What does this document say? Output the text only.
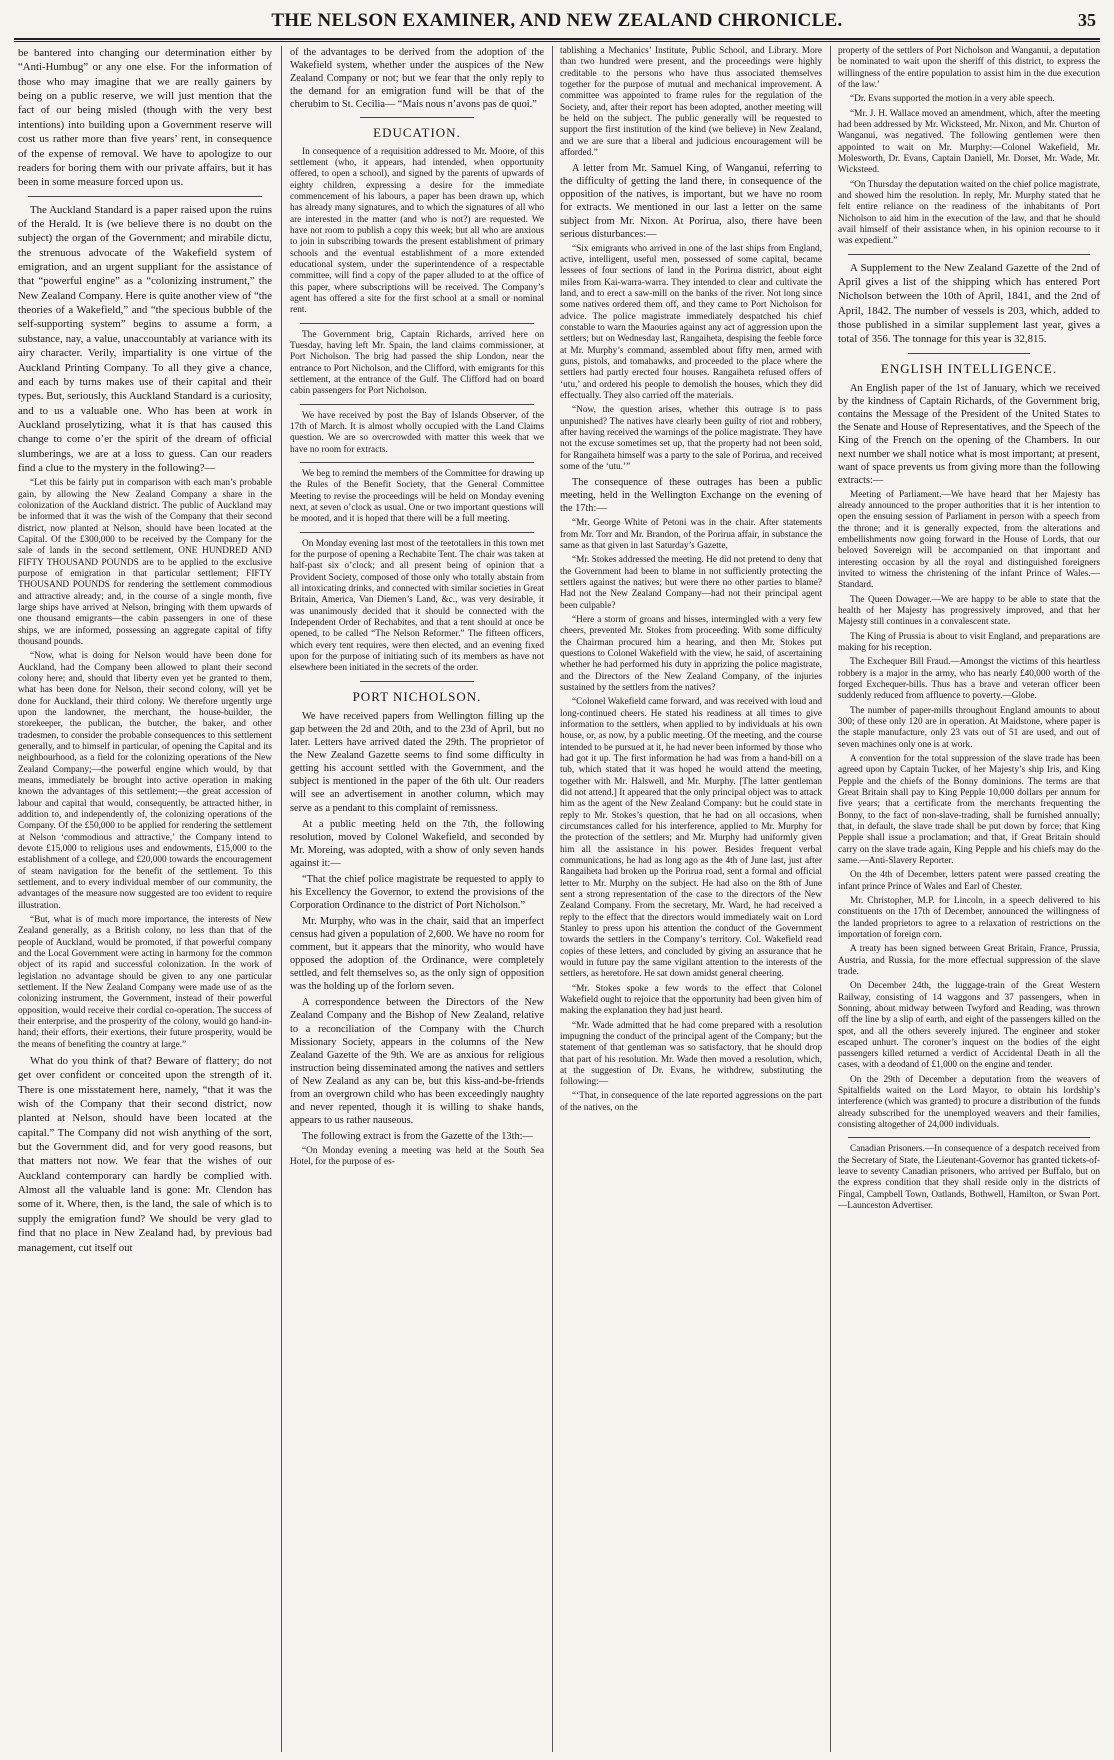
THE NELSON EXAMINER, AND NEW ZEALAND CHRONICLE.	35

be bantered into changing our determination either by “Anti-Humbug” or any one else. For the information of those who may imagine that we are really gainers by being on a public reserve, we will just mention that the fact of our being misled (though with the very best intentions) into building upon a Government reserve will cost us rather more than five years’ rent, in consequence of the expense of removal. We have to apologize to our readers for boring them with our private affairs, but it has been in some measure forced upon us.

The Auckland Standard is a paper raised upon the ruins of the Herald. It is (we believe there is no doubt on the subject) the organ of the Government; and mirabile dictu, the strenuous advocate of the Wakefield system of emigration, and an urgent suppliant for the assistance of that “powerful engine” as a “colonizing instrument,” the New Zealand Company. Here is quite another view of “the theories of a Wakefield,” and “the specious bubble of the self-supporting system” begins to assume a form, a substance, nay, a value, unaccountably at variance with its airy character. Verily, impartiality is one virtue of the Auckland Printing Company. To all they give a chance, and each by turns makes use of their capital and their types. But, seriously, this Auckland Standard is a curiosity, and to us a valuable one. Who has been at work in Auckland proselytizing, what it is that has caused this change to come o’er the spirit of the dream of official slumberings, we are at a loss to guess. Can our readers find a clue to the mystery in the following?—

“Let this be fairly put in comparison with each man’s probable gain, by allowing the New Zealand Company a share in the colonization of the Auckland district. The public of Auckland may be informed that it was the wish of the Company that their second district, now planted at Nelson, should have been located at the Capital. Of the £300,000 to be received by the Company for the sale of lands in the second settlement, ONE HUNDRED AND FIFTY THOUSAND POUNDS are to be applied to the exclusive purpose of emigration in that particular settlement; FIFTY THOUSAND POUNDS for rendering the settlement commodious and attractive already; and, in the course of a single month, five large ships have arrived at Nelson, bringing with them upwards of one thousand emigrants—the cabin passengers in one of these ships, we are informed, possessing an aggregate capital of fifty thousand pounds.

“Now, what is doing for Nelson would have been done for Auckland, had the Company been allowed to plant their second colony here; and, should that liberty even yet be granted to them, what has been done for Nelson, their second colony, will yet be done for Auckland, their third colony. We therefore urgently urge upon the landowner, the merchant, the house-builder, the storekeeper, the publican, the butcher, the baker, and other tradesmen, to consider the probable consequences to this settlement generally, and to himself in particular, of opening the Capital and its neighbourhood, as a field for the colonizing operations of the New Zealand Company;—the powerful engine which would, by that means, immediately be brought into active operation in making known the advantages of this settlement;—the great accession of labour and capital that would, consequently, be attracted hither, in addition to, and independently of, the colonizing operations of the Company. Of the £50,000 to be applied for rendering the settlement at Nelson ‘commodious and attractive,’ the Company intend to devote £15,000 to religious uses and endowments, £15,000 to the establishment of a college, and £20,000 towards the encouragement of steam navigation for the benefit of the settlement. To this settlement, and to every individual member of our community, the advantages of the measure now suggested are too evident to require illustration.

“But, what is of much more importance, the interests of New Zealand generally, as a British colony, no less than that of the people of Auckland, would be promoted, if that powerful company and the Local Government were acting in harmony for the common object of its rapid and successful colonization. In the work of legislation no advantage should be given to any one particular settlement. If the New Zealand Company were made use of as the colonizing instrument, the Government, instead of their powerful opposition, would receive their cordial co-operation. The success of their enterprise, and the prosperity of the colony, would go hand-in-hand; their efforts, their exertions, their future prosperity, would be the means of benefiting the country at large.”

What do you think of that? Beware of flattery; do not get over confident or conceited upon the strength of it. There is one misstatement here, namely, “that it was the wish of the Company that their second district, now planted at Nelson, should have been located at the capital.” The Company did not wish anything of the sort, but the Government did, and for very good reasons, but that matters not now. We fear that the wishes of our Auckland contemporary can hardly be complied with. Almost all the valuable land is gone: Mr. Clendon has some of it. Where, then, is the land, the sale of which is to supply the emigration fund? We should be very glad to find that no place in New Zealand had, by previous bad management, cut itself out

of the advantages to be derived from the adoption of the Wakefield system, whether under the auspices of the New Zealand Company or not; but we fear that the only reply to the demand for an emigration fund will be that of the cherubim to St. Cecilia— “Mais nous n’avons pas de quoi.”

EDUCATION.

In consequence of a requisition addressed to Mr. Moore, of this settlement (who, it appears, had intended, when opportunity offered, to open a school), and signed by the parents of upwards of eighty children, expressing a desire for the immediate commencement of his labours, a paper has been drawn up, which has already many signatures, and to which the signatures of all who are interested in the matter (and who is not?) are requested. We have not room to publish a copy this week; but all who are anxious to join in subscribing towards the present establishment of primary schools and the eventual establishment of a more extended educational system, under the superintendence of a respectable committee, will find a copy of the paper alluded to at the office of this paper, where subscriptions will be received. The Company’s agent has offered a site for the first school at a small or nominal rent.

The Government brig, Captain Richards, arrived here on Tuesday, having left Mr. Spain, the land claims commissioner, at Port Nicholson. The brig had passed the ship London, near the entrance to Port Nicholson, and the Clifford, with emigrants for this settlement, at the entrance of the Gulf. The Clifford had on board cabin passengers for Port Nicholson.

We have received by post the Bay of Islands Observer, of the 17th of March. It is almost wholly occupied with the Land Claims question. We are so overcrowded with matter this week that we have no room for extracts.

We beg to remind the members of the Committee for drawing up the Rules of the Benefit Society, that the General Committee Meeting to revise the proceedings will be held on Monday evening next, at seven o’clock as usual. One or two important questions will be mooted, and it is hoped that there will be a full meeting.

On Monday evening last most of the teetotallers in this town met for the purpose of opening a Rechabite Tent. The chair was taken at half-past six o’clock; and all present being of opinion that a Provident Society, composed of those only who totally abstain from all intoxicating drinks, and connected with similar societies in Great Britain, America, Van Diemen’s Land, &c., was very desirable, it was unanimously decided that it should be connected with the Independent Order of Rechabites, and that a tent should at once be opened, to be called “The Nelson Reformer.” The fifteen officers, which every tent requires, were then elected, and an evening fixed upon for the purpose of initiating such of its members as have not elsewhere been initiated in the secrets of the order.

PORT NICHOLSON.

We have received papers from Wellington filling up the gap between the 2d and 20th, and to the 23d of April, but no later. Letters have arrived dated the 29th. The proprietor of the New Zealand Gazette seems to find some difficulty in getting his account settled with the Government, and the subject is mentioned in the paper of the 6th ult. Our readers will see an advertisement in another column, which may serve as a pendant to this complaint of remissness.

At a public meeting held on the 7th, the following resolution, moved by Colonel Wakefield, and seconded by Mr. Moreing, was adopted, with a show of only seven hands against it:—

“That the chief police magistrate be requested to apply to his Excellency the Governor, to extend the provisions of the Corporation Ordinance to the district of Port Nicholson.”

Mr. Murphy, who was in the chair, said that an imperfect census had given a population of 2,600. We have no room for comment, but it appears that the minority, who would have opposed the adoption of the Ordinance, were completely settled, and felt themselves so, as the only sign of opposition was the holding up of the forlorn seven.

A correspondence between the Directors of the New Zealand Company and the Bishop of New Zealand, relative to a reconciliation of the Company with the Church Missionary Society, appears in the columns of the New Zealand Gazette of the 9th. We are as anxious for religious instruction being disseminated among the natives and settlers of New Zealand as any can be, but this kiss-and-be-friends from an overgrown child who has been exceedingly naughty and never repented, though it is willing to shake hands, appears to us rather nauseous.

The following extract is from the Gazette of the 13th:—

“On Monday evening a meeting was held at the South Sea Hotel, for the purpose of es-

tablishing a Mechanics’ Institute, Public School, and Library. More than two hundred were present, and the proceedings were highly creditable to the persons who have thus associated themselves together for the purpose of mutual and mechanical improvement. A committee was appointed to frame rules for the regulation of the Society, and, after their report has been adopted, another meeting will be held on the subject. The public generally will be requested to support the first institution of the kind (we believe) in New Zealand, and we are sure that a liberal and judicious encouragement will be afforded.”

A letter from Mr. Samuel King, of Wanganui, referring to the difficulty of getting the land there, in consequence of the opposition of the natives, is important, but we have no room for extracts. We mentioned in our last a letter on the same subject from Mr. Nixon. At Porirua, also, there have been serious disturbances:—

“Six emigrants who arrived in one of the last ships from England, active, intelligent, useful men, possessed of some capital, became lessees of four sections of land in the Porirua district, about eight miles from Kai-warra-warra. They intended to clear and cultivate the land, and to erect a saw-mill on the banks of the river. Not long since some natives ordered them off, and they came to Port Nicholson for advice. The police magistrate immediately despatched his chief constable to warn the Maouries against any act of aggression upon the settlers; but on Wednesday last, Rangaiheta, despising the feeble force at Mr. Murphy’s command, assembled about fifty men, armed with guns, pistols, and tomahawks, and proceeded to the place where the settlers had partly erected four houses. Rangaiheta refused offers of ‘utu,’ and ordered his people to demolish the houses, which they did effectually. They also carried off the materials.

“Now, the question arises, whether this outrage is to pass unpunished? The natives have clearly been guilty of riot and robbery, after having received the warnings of the police magistrate. They have not the excuse sometimes set up, that the property had not been sold, for Rangaiheta himself was a party to the sale of Porirua, and received some of the ‘utu.’”

The consequence of these outrages has been a public meeting, held in the Wellington Exchange on the evening of the 17th:—

“Mr. George White of Petoni was in the chair. After statements from Mr. Torr and Mr. Brandon, of the Porirua affair, in substance the same as that given in last Saturday’s Gazette,

“Mr. Stokes addressed the meeting. He did not pretend to deny that the Government had been to blame in not sufficiently protecting the settlers against the natives; but were there no other parties to blame? Had not the New Zealand Company—had not their principal agent been culpable?

“Here a storm of groans and hisses, intermingled with a very few cheers, prevented Mr. Stokes from proceeding. With some difficulty the Chairman procured him a hearing, and then Mr. Stokes put questions to Colonel Wakefield with the view, he said, of ascertaining whether he had performed his duty in apprizing the police magistrate, and the Directors of the New Zealand Company, of the injuries sustained by the settlers from the natives?

“Colonel Wakefield came forward, and was received with loud and long-continued cheers. He stated his readiness at all times to give information to the settlers, when applied to by individuals at his own house, or, as now, by a public meeting. Of the meeting, and the course intended to be pursued at it, he had never been informed by those who had got it up. The first information he had was from a hand-bill on a tub, which stated that it was hoped he would attend the meeting, together with Mr. Halswell, and Mr. Murphy. [The latter gentleman did not attend.] It appeared that the only principal object was to attack him as the agent of the New Zealand Company: but he could state in reply to Mr. Stokes’s question, that he had on all occasions, when circumstances called for his interference, applied to Mr. Murphy for the protection of the settlers; and Mr. Murphy had uniformly given him all the assistance in his power. Besides frequent verbal communications, he had as long ago as the 4th of June last, just after Rangaiheta had broken up the Porirua road, sent a formal and official letter to Mr. Murphy on the subject. He had also on the 8th of June sent a strong representation of the case to the directors of the New Zealand Company. From the secretary, Mr. Ward, he had received a reply to the effect that the directors would immediately wait on Lord Stanley to press upon his attention the conduct of the Government towards the settlers in the Company’s territory. Col. Wakefield read copies of these letters, and concluded by giving an assurance that he would in future pay the same vigilant attention to the interests of the settlers, as heretofore. He sat down amidst general cheering.

“Mr. Stokes spoke a few words to the effect that Colonel Wakefield ought to rejoice that the opportunity had been given him of making the explanation they had just heard.

“Mr. Wade admitted that he had come prepared with a resolution impugning the conduct of the principal agent of the Company; but the statement of that gentleman was so satisfactory, that he should drop that part of his resolution. Mr. Wade then moved a resolution, which, at the suggestion of Dr. Evans, he withdrew, substituting the following:—

“‘That, in consequence of the late reported aggressions on the part of the natives, on the

property of the settlers of Port Nicholson and Wanganui, a deputation be nominated to wait upon the sheriff of this district, to express the willingness of the entire population to assist him in the due execution of the law.’

“Dr. Evans supported the motion in a very able speech.

“Mr. J. H. Wallace moved an amendment, which, after the meeting had been addressed by Mr. Wicksteed, Mr. Nixon, and Mr. Churton of Wanganui, was negatived. The following gentlemen were then appointed to wait on Mr. Murphy:—Colonel Wakefield, Mr. Molesworth, Dr. Evans, Captain Daniell, Mr. Dorset, Mr. Wade, Mr. Wicksteed.

“On Thursday the deputation waited on the chief police magistrate, and showed him the resolution. In reply, Mr. Murphy stated that he felt entire reliance on the readiness of the inhabitants of Port Nicholson to aid him in the execution of the law, and that he should avail himself of their assistance when, in his opinion recourse to it was expedient.”

A Supplement to the New Zealand Gazette of the 2nd of April gives a list of the shipping which has entered Port Nicholson between the 10th of April, 1841, and the 2nd of April, 1842. The number of vessels is 203, which, added to those published in a similar supplement last year, gives a total of 356. The tonnage for this year is 32,815.

ENGLISH INTELLIGENCE.

An English paper of the 1st of January, which we received by the kindness of Captain Richards, of the Government brig, contains the Message of the President of the United States to the Senate and House of Representatives, and the Speech of the King of the French on the opening of the Chambers. In our next number we shall notice what is most important; at present, want of space prevents us from giving more than the following extracts:—

Meeting of Parliament.—We have heard that her Majesty has already announced to the proper authorities that it is her intention to open the ensuing session of Parliament in person with a speech from the throne; and it is generally expected, from the alterations and embellishments now going forward in the House of Lords, that our beloved Sovereign will be accompanied on that important and interesting occasion by all the royal and distinguished foreigners invited to witness the christening of the infant Prince of Wales.—Standard.

The Queen Dowager.—We are happy to be able to state that the health of her Majesty has progressively improved, and that her Majesty still continues in a convalescent state.

The King of Prussia is about to visit England, and preparations are making for his reception.

The Exchequer Bill Fraud.—Amongst the victims of this heartless robbery is a major in the army, who has nearly £40,000 worth of the forged Exchequer-bills. Thus has a brave and veteran officer been suddenly reduced from affluence to poverty.—Globe.

The number of paper-mills throughout England amounts to about 300; of these only 120 are in operation. At Maidstone, where paper is the staple manufacture, only 23 vats out of 51 are used, and out of seven machines only one is at work.

A convention for the total suppression of the slave trade has been agreed upon by Captain Tucker, of her Majesty’s ship Iris, and King Pepple and the chiefs of the Bonny dominions. The terms are that Great Britain shall pay to King Pepple 10,000 dollars per annum for five years; that a certificate from the merchants frequenting the Bonny, to the fact of non-slave-trading, shall be furnished annually; that, in default, the slave trade shall be put down by force; that King Pepple shall issue a proclamation; and that, if Great Britain should carry on the slave trade again, King Pepple and his chiefs may do the same.—Anti-Slavery Reporter.

On the 4th of December, letters patent were passed creating the infant prince Prince of Wales and Earl of Chester.

Mr. Christopher, M.P. for Lincoln, in a speech delivered to his constituents on the 17th of December, announced the willingness of the landed proprietors to agree to a relaxation of restrictions on the importation of foreign corn.

A treaty has been signed between Great Britain, France, Prussia, Austria, and Russia, for the more effectual suppression of the slave trade.

On December 24th, the luggage-train of the Great Western Railway, consisting of 14 waggons and 37 passengers, when in Sonning, about midway between Twyford and Reading, was thrown off the line by a slip of earth, and eight of the passengers killed on the spot, and all the others severely injured. The engineer and stoker escaped unhurt. The coroner’s inquest on the bodies of the eight passengers killed returned a verdict of Accidental Death in all the cases, with a deodand of £1,000 on the engine and tender.

On the 29th of December a deputation from the weavers of Spitalfields waited on the Lord Mayor, to obtain his lordship’s interference (which was granted) to procure a distribution of the funds already subscribed for the unemployed weavers and their families, consisting altogether of 24,000 individuals.

Canadian Prisoners.—In consequence of a despatch received from the Secretary of State, the Lieutenant-Governor has granted tickets-of-leave to seventy Canadian prisoners, who arrived per Buffalo, but on the express condition that they shall reside only in the districts of Fingal, Campbell Town, Oatlands, Bothwell, Hamilton, or Swan Port.—Launceston Advertiser.
